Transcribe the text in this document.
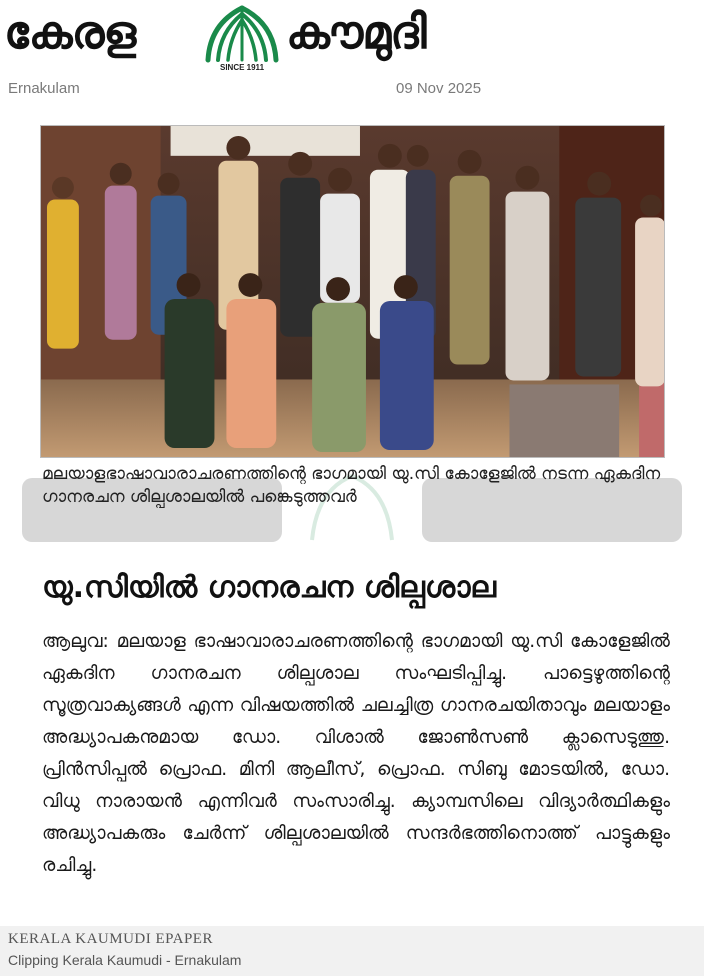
കേരള
SINCE 1911
കൗമുദി
Ernakulam	09 Nov 2025
മലയാളഭാഷാവാരാചരണത്തിന്റെ ഭാഗമായി യു.സി കോളേജിൽ നടന്ന ഏകദിന ഗാനരചന ശില്പശാലയിൽ പങ്കെടുത്തവർ
യു.സിയിൽ ഗാനരചന ശില്പശാല
ആലുവ: മലയാള ഭാഷാവാരാചരണത്തിന്റെ ഭാഗമായി യു.സി കോളേജിൽ ഏകദിന ഗാനരചന ശില്പശാല സംഘടിപ്പിച്ചു. പാട്ടെഴുത്തിന്റെ സൂത്രവാക്യങ്ങൾ എന്ന വിഷയത്തിൽ ചലച്ചിത്ര ഗാനരചയിതാവും മലയാളം അദ്ധ്യാപകനുമായ ഡോ. വിശാൽ ജോൺസൺ ക്ലാസെടുത്തു. പ്രിൻസിപ്പൽ പ്രൊഫ. മിനി ആലീസ്, പ്രൊഫ. സിബു മോടയിൽ, ഡോ. വിധു നാരായൻ എന്നിവർ സംസാരിച്ചു. ക്യാമ്പസിലെ വിദ്യാർത്ഥികളും അദ്ധ്യാപകരും ചേർന്ന് ശില്പശാലയിൽ സന്ദർഭത്തിനൊത്ത് പാട്ടുകളും രചിച്ചു.
KERALA KAUMUDI EPAPER
Clipping Kerala Kaumudi - Ernakulam
